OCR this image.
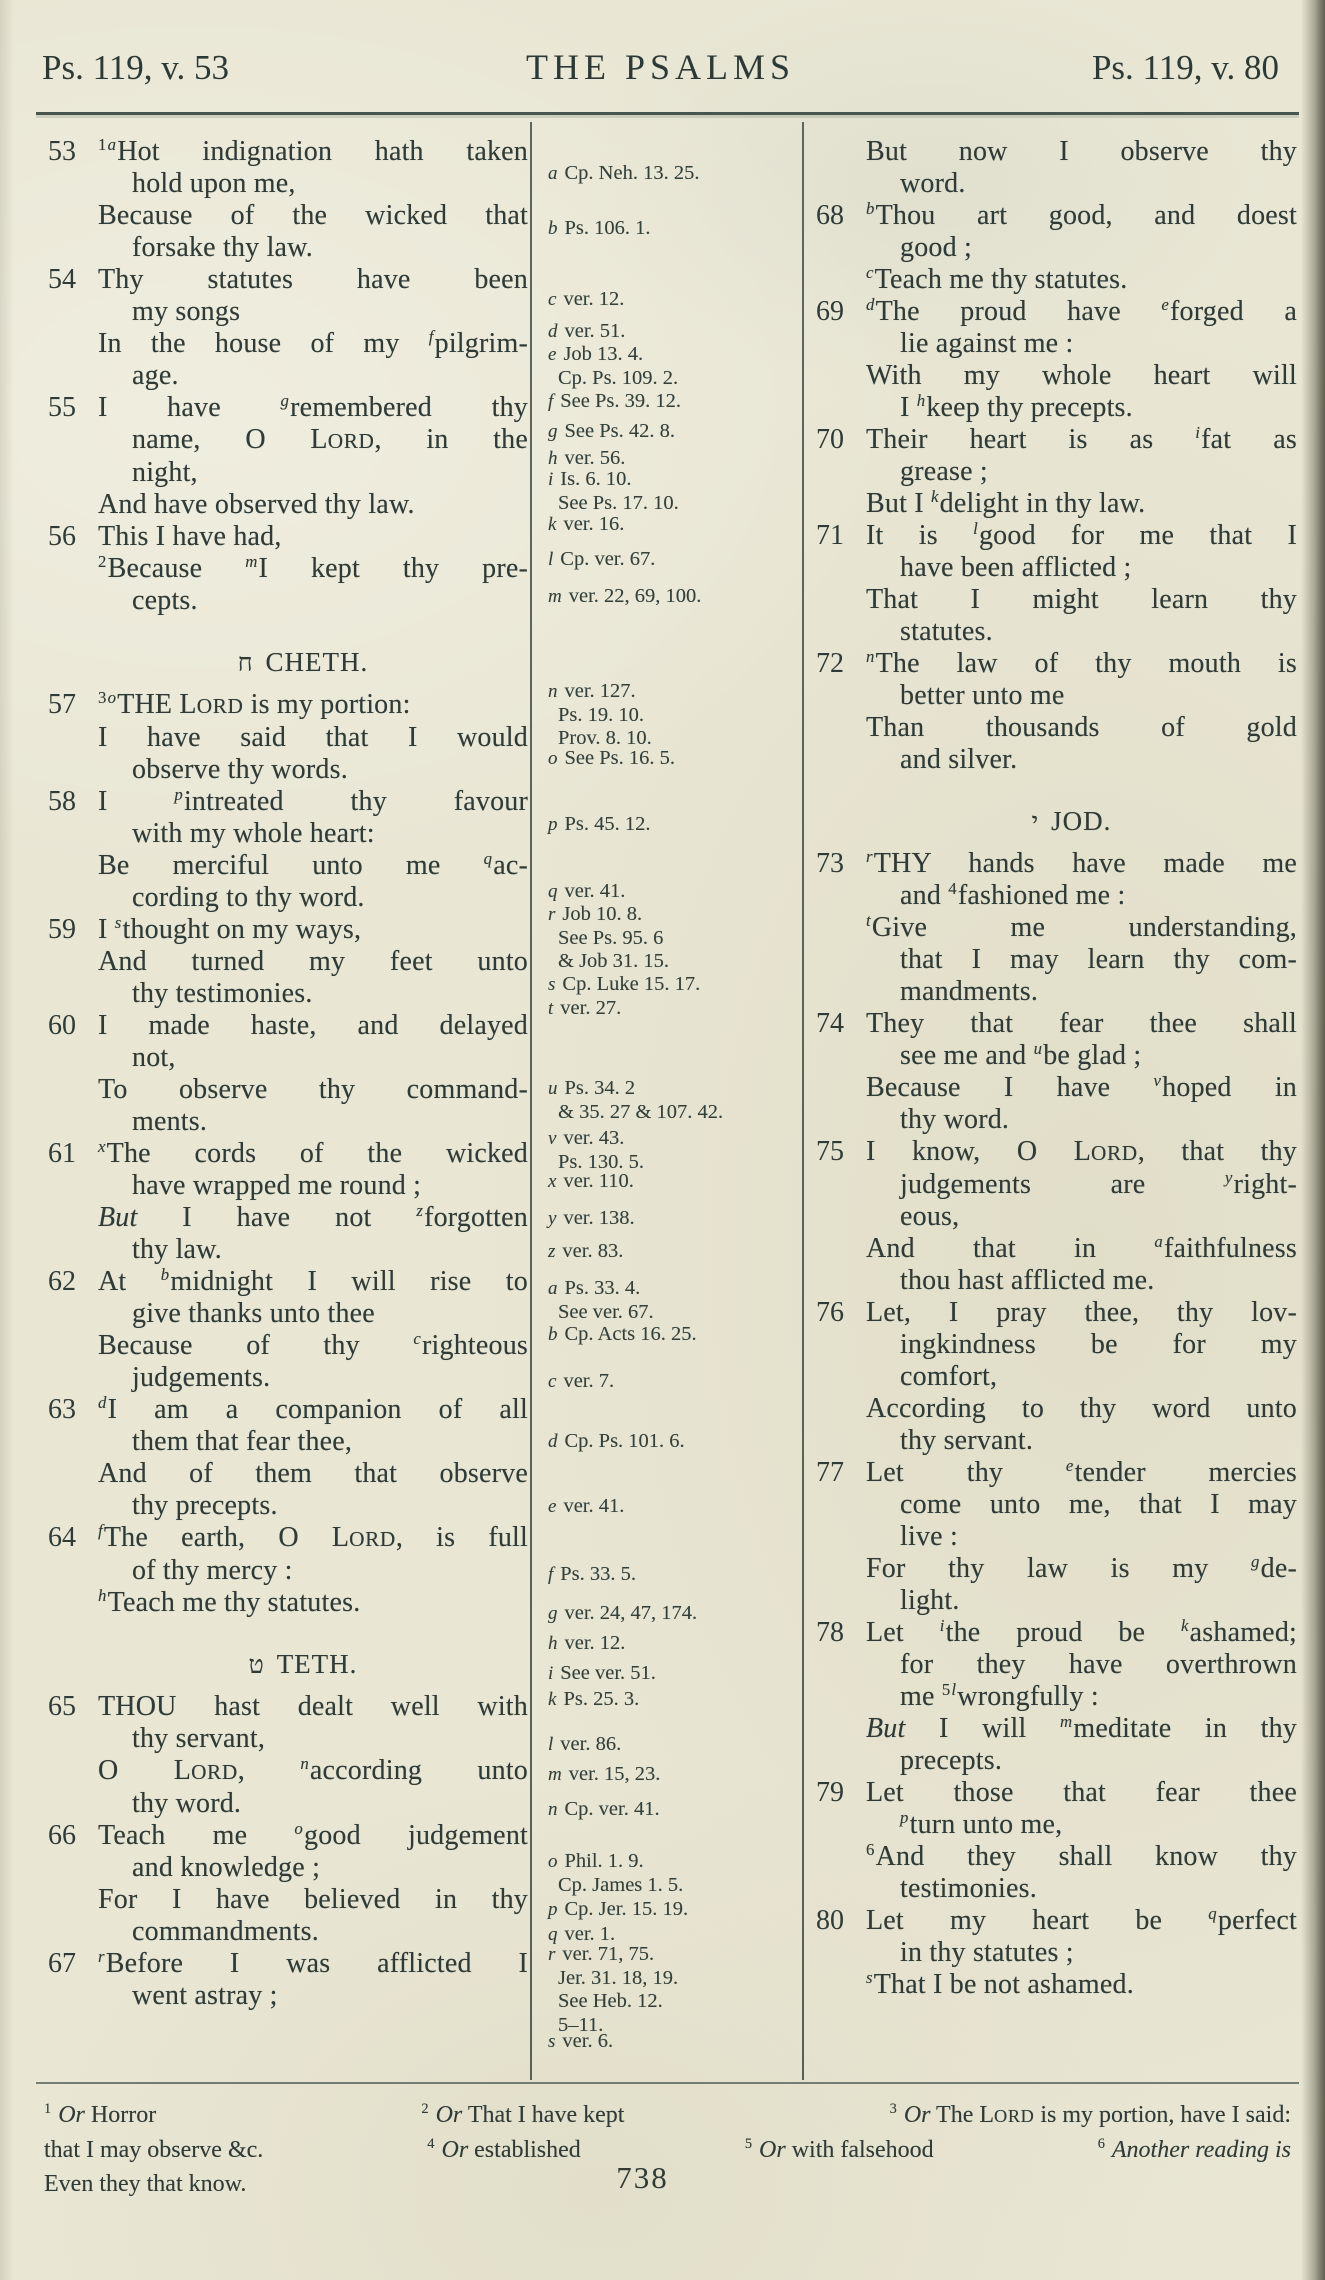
Ps. 119, v. 53	THE PSALMS	Ps. 119, v. 80
53	$^{1a}$Hot indignation hath taken
hold upon me,
Because of the wicked that
forsake thy law.
54 Thy statutes have been
my songs
In the house of my $^f$pilgrim-
age.
55 I have $^g$remembered thy
name, O LORD, in the
night,
And have observed thy law.
56 This I have had,
$^2$Because $^m$I kept thy pre-
cepts.
ח CHETH.
57	$^{3o}$THE LORD is my portion:
I have said that I would
observe thy words.
58 I $^p$intreated thy favour
with my whole heart:
Be merciful unto me $^q$ac-
cording to thy word.
59 I $^s$thought on my ways,
And turned my feet unto
thy testimonies.
60 I made haste, and delayed
not,
To observe thy command-
ments.
61	$^x$The cords of the wicked
have wrapped me round ;
But I have not $^z$forgotten
thy law.
62 At $^b$midnight I will rise to
give thanks unto thee
Because of thy $^c$righteous
judgements.
63	$^d$I am a companion of all
them that fear thee,
And of them that observe
thy precepts.
64	$^f$The earth, O LORD, is full
of thy mercy :
$^h$Teach me thy statutes.
ט TETH.
65 THOU hast dealt well with
thy servant,
O LORD, $^n$according unto
thy word.
66 Teach me $^o$good judgement
and knowledge ;
For I have believed in thy
commandments.
67	$^r$Before I was afflicted I
went astray ;
a Cp. Neh. 13. 25.
b Ps. 106. 1.
c ver. 12.
d ver. 51.
e Job 13. 4.
Cp. Ps. 109. 2.
f See Ps. 39. 12.
g See Ps. 42. 8.
h ver. 56.
i Is. 6. 10.
See Ps. 17. 10.
k ver. 16.
l Cp. ver. 67.
m ver. 22, 69, 100.
n ver. 127.
Ps. 19. 10.
Prov. 8. 10.
o See Ps. 16. 5.
p Ps. 45. 12.
q ver. 41.
r Job 10. 8.
See Ps. 95. 6
& Job 31. 15.
s Cp. Luke 15. 17.
t ver. 27.
u Ps. 34. 2
& 35. 27 & 107. 42.
v ver. 43.
Ps. 130. 5.
x ver. 110.
y ver. 138.
z ver. 83.
a Ps. 33. 4.
See ver. 67.
b Cp. Acts 16. 25.
c ver. 7.
d Cp. Ps. 101. 6.
e ver. 41.
f Ps. 33. 5.
g ver. 24, 47, 174.
h ver. 12.
i See ver. 51.
k Ps. 25. 3.
l ver. 86.
m ver. 15, 23.
n Cp. ver. 41.
o Phil. 1. 9.
Cp. James 1. 5.
p Cp. Jer. 15. 19.
q ver. 1.
r ver. 71, 75.
Jer. 31. 18, 19.
See Heb. 12.
5–11.
s ver. 6.
But now I observe thy
word.
68	$^b$Thou art good, and doest
good ;
$^c$Teach me thy statutes.
69	$^d$The proud have $^e$forged a
lie against me :
With my whole heart will
I $^h$keep thy precepts.
70 Their heart is as $^i$fat as
grease ;
But I $^k$delight in thy law.
71 It is $^l$good for me that I
have been afflicted ;
That I might learn thy
statutes.
72	$^n$The law of thy mouth is
better unto me
Than thousands of gold
and silver.
י JOD.
73	$^r$THY hands have made me
and $^4$fashioned me :
$^t$Give me understanding,
that I may learn thy com-
mandments.
74 They that fear thee shall
see me and $^u$be glad ;
Because I have $^v$hoped in
thy word.
75 I know, O LORD, that thy
judgements are $^y$right-
eous,
And that in $^a$faithfulness
thou hast afflicted me.
76 Let, I pray thee, thy lov-
ingkindness be for my
comfort,
According to thy word unto
thy servant.
77 Let thy $^e$tender mercies
come unto me, that I may
live :
For thy law is my $^g$de-
light.
78 Let $^i$the proud be $^k$ashamed;
for they have overthrown
me $^{5l}$wrongfully :
But I will $^m$meditate in thy
precepts.
79 Let those that fear thee
$^p$turn unto me,
$^6$And they shall know thy
testimonies.
80 Let my heart be $^q$perfect
in thy statutes ;
$^s$That I be not ashamed.
$^1$ Or Horror	$^2$ Or That I have kept	$^3$ Or The LORD is my portion, have I said:
that I may observe &c.	$^4$ Or established	$^5$ Or with falsehood	$^6$ Another reading is
Even they that know.	738
